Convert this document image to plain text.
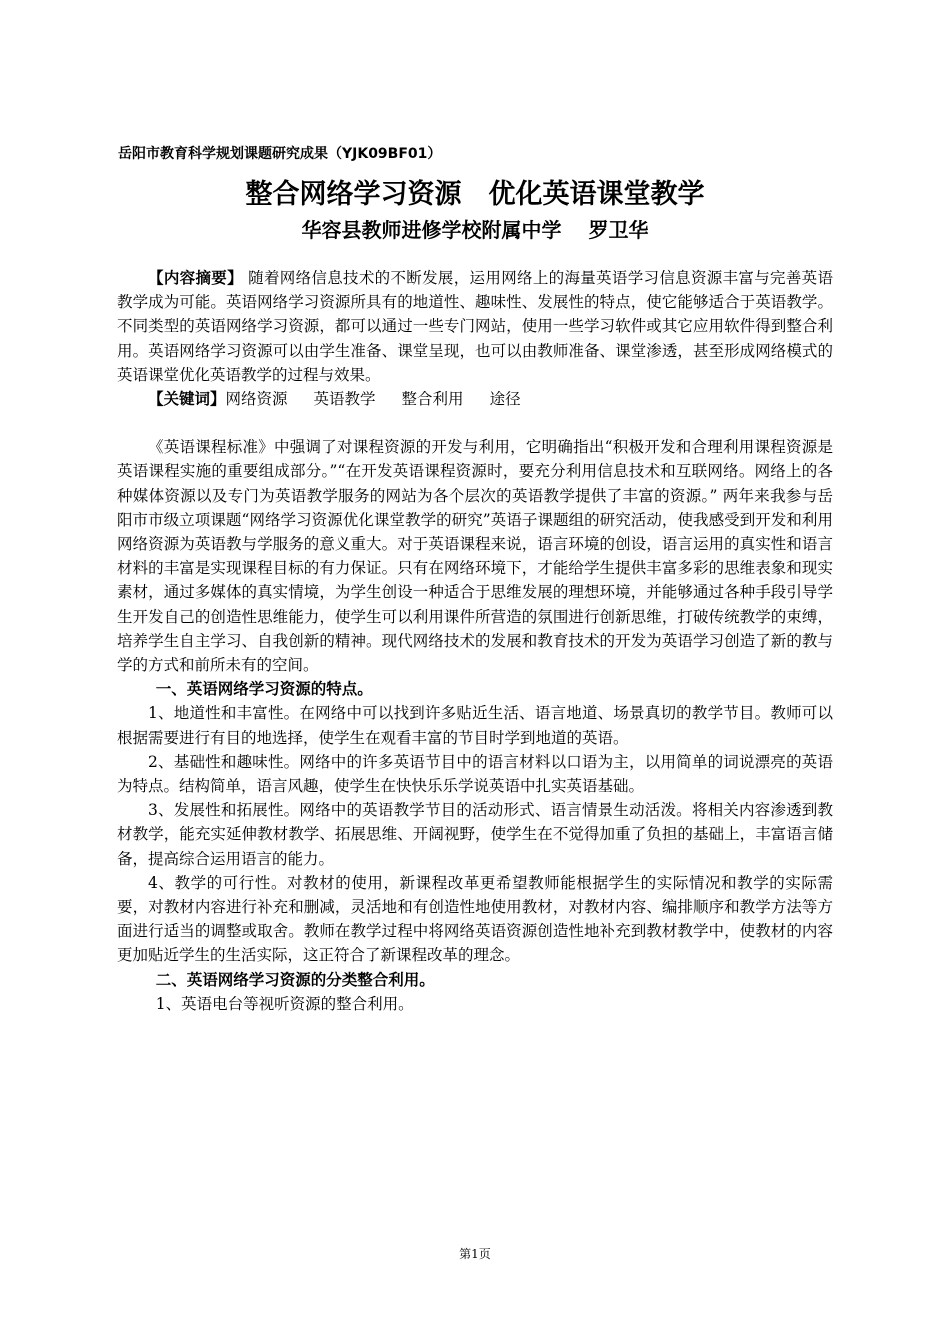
岳阳市教育科学规划课题研究成果（YJK09BF01）
整合网络学习资源　优化英语课堂教学
华容县教师进修学校附属中学　 罗卫华

【内容摘要】 随着网络信息技术的不断发展，运用网络上的海量英语学习信息资源丰富与完善英语教学成为可能。英语网络学习资源所具有的地道性、趣味性、发展性的特点，使它能够适合于英语教学。不同类型的英语网络学习资源，都可以通过一些专门网站，使用一些学习软件或其它应用软件得到整合利用。英语网络学习资源可以由学生准备、课堂呈现，也可以由教师准备、课堂渗透，甚至形成网络模式的英语课堂优化英语教学的过程与效果。

【关键词】网络资源 英语教学 整合利用 途径

《英语课程标准》中强调了对课程资源的开发与利用，它明确指出“积极开发和合理利用课程资源是英语课程实施的重要组成部分。”“在开发英语课程资源时，要充分利用信息技术和互联网络。网络上的各种媒体资源以及专门为英语教学服务的网站为各个层次的英语教学提供了丰富的资源。” 两年来我参与岳阳市市级立项课题“网络学习资源优化课堂教学的研究”英语子课题组的研究活动，使我感受到开发和利用网络资源为英语教与学服务的意义重大。对于英语课程来说，语言环境的创设，语言运用的真实性和语言材料的丰富是实现课程目标的有力保证。只有在网络环境下，才能给学生提供丰富多彩的思维表象和现实素材，通过多媒体的真实情境，为学生创设一种适合于思维发展的理想环境，并能够通过各种手段引导学生开发自己的创造性思维能力，使学生可以利用课件所营造的氛围进行创新思维，打破传统教学的束缚，培养学生自主学习、自我创新的精神。现代网络技术的发展和教育技术的开发为英语学习创造了新的教与学的方式和前所未有的空间。

一、英语网络学习资源的特点。

1、地道性和丰富性。在网络中可以找到许多贴近生活、语言地道、场景真切的教学节目。教师可以根据需要进行有目的地选择，使学生在观看丰富的节目时学到地道的英语。

2、基础性和趣味性。网络中的许多英语节目中的语言材料以口语为主，以用简单的词说漂亮的英语为特点。结构简单，语言风趣，使学生在快快乐乐学说英语中扎实英语基础。

3、发展性和拓展性。网络中的英语教学节目的活动形式、语言情景生动活泼。将相关内容渗透到教材教学，能充实延伸教材教学、拓展思维、开阔视野，使学生在不觉得加重了负担的基础上，丰富语言储备，提高综合运用语言的能力。

4、教学的可行性。对教材的使用，新课程改革更希望教师能根据学生的实际情况和教学的实际需要，对教材内容进行补充和删减，灵活地和有创造性地使用教材，对教材内容、编排顺序和教学方法等方面进行适当的调整或取舍。教师在教学过程中将网络英语资源创造性地补充到教材教学中，使教材的内容更加贴近学生的生活实际，这正符合了新课程改革的理念。

二、英语网络学习资源的分类整合利用。

1、英语电台等视听资源的整合利用。

第1页
